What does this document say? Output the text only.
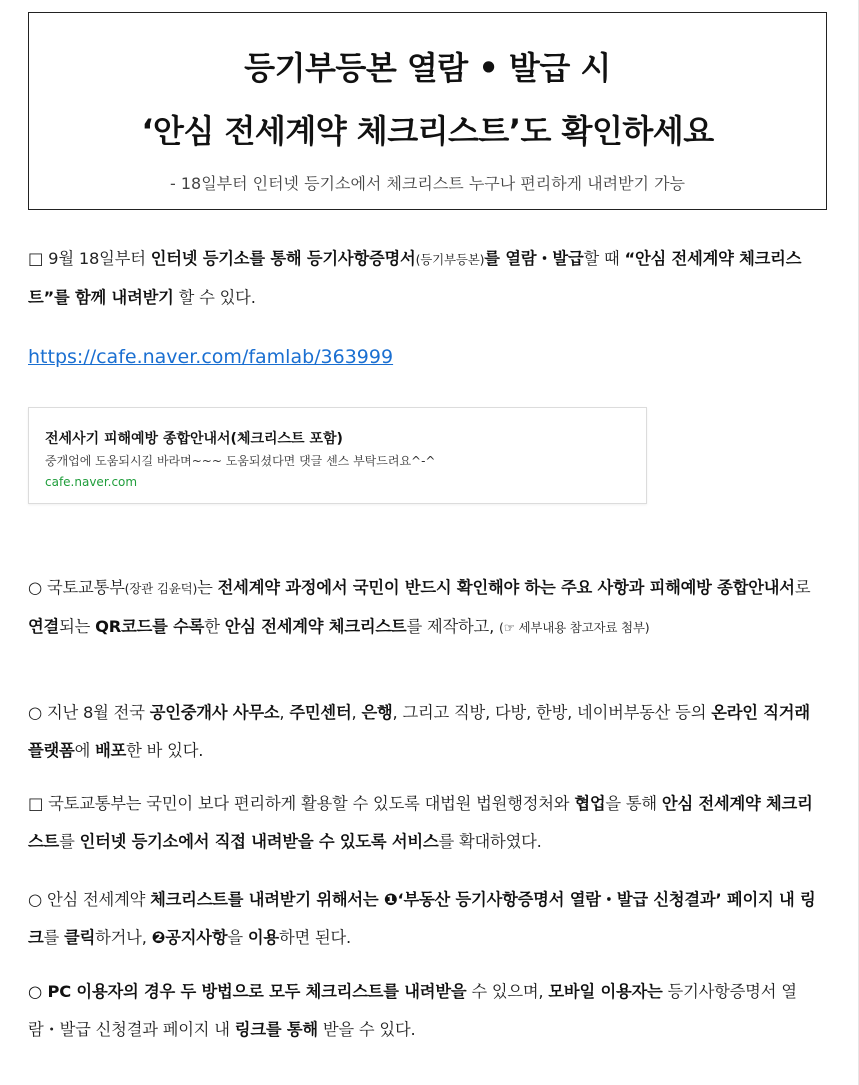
등기부등본 열람 • 발급 시
‘안심 전세계약 체크리스트’도 확인하세요
- 18일부터 인터넷 등기소에서 체크리스트 누구나 편리하게 내려받기 가능
□ 9월 18일부터 인터넷 등기소를 통해 등기사항증명서(등기부등본)를 열람・발급할 때 “안심 전세계약 체크리스트”를 함께 내려받기 할 수 있다.
https://cafe.naver.com/famlab/363999
전세사기 피해예방 종합안내서(체크리스트 포함)
중개업에 도움되시길 바라며~~~ 도움되셨다면 댓글 센스 부탁드려요^-^
cafe.naver.com
○ 국토교통부(장관 김윤덕)는 전세계약 과정에서 국민이 반드시 확인해야 하는 주요 사항과 피해예방 종합안내서로 연결되는 QR코드를 수록한 안심 전세계약 체크리스트를 제작하고, (☞ 세부내용 참고자료 첨부)
○ 지난 8월 전국 공인중개사 사무소, 주민센터, 은행, 그리고 직방, 다방, 한방, 네이버부동산 등의 온라인 직거래 플랫폼에 배포한 바 있다.
□ 국토교통부는 국민이 보다 편리하게 활용할 수 있도록 대법원 법원행정처와 협업을 통해 안심 전세계약 체크리스트를 인터넷 등기소에서 직접 내려받을 수 있도록 서비스를 확대하였다.
○ 안심 전세계약 체크리스트를 내려받기 위해서는 ❶‘부동산 등기사항증명서 열람・발급 신청결과’ 페이지 내 링크를 클릭하거나, ❷공지사항을 이용하면 된다.
○ PC 이용자의 경우 두 방법으로 모두 체크리스트를 내려받을 수 있으며, 모바일 이용자는 등기사항증명서 열람・발급 신청결과 페이지 내 링크를 통해 받을 수 있다.
